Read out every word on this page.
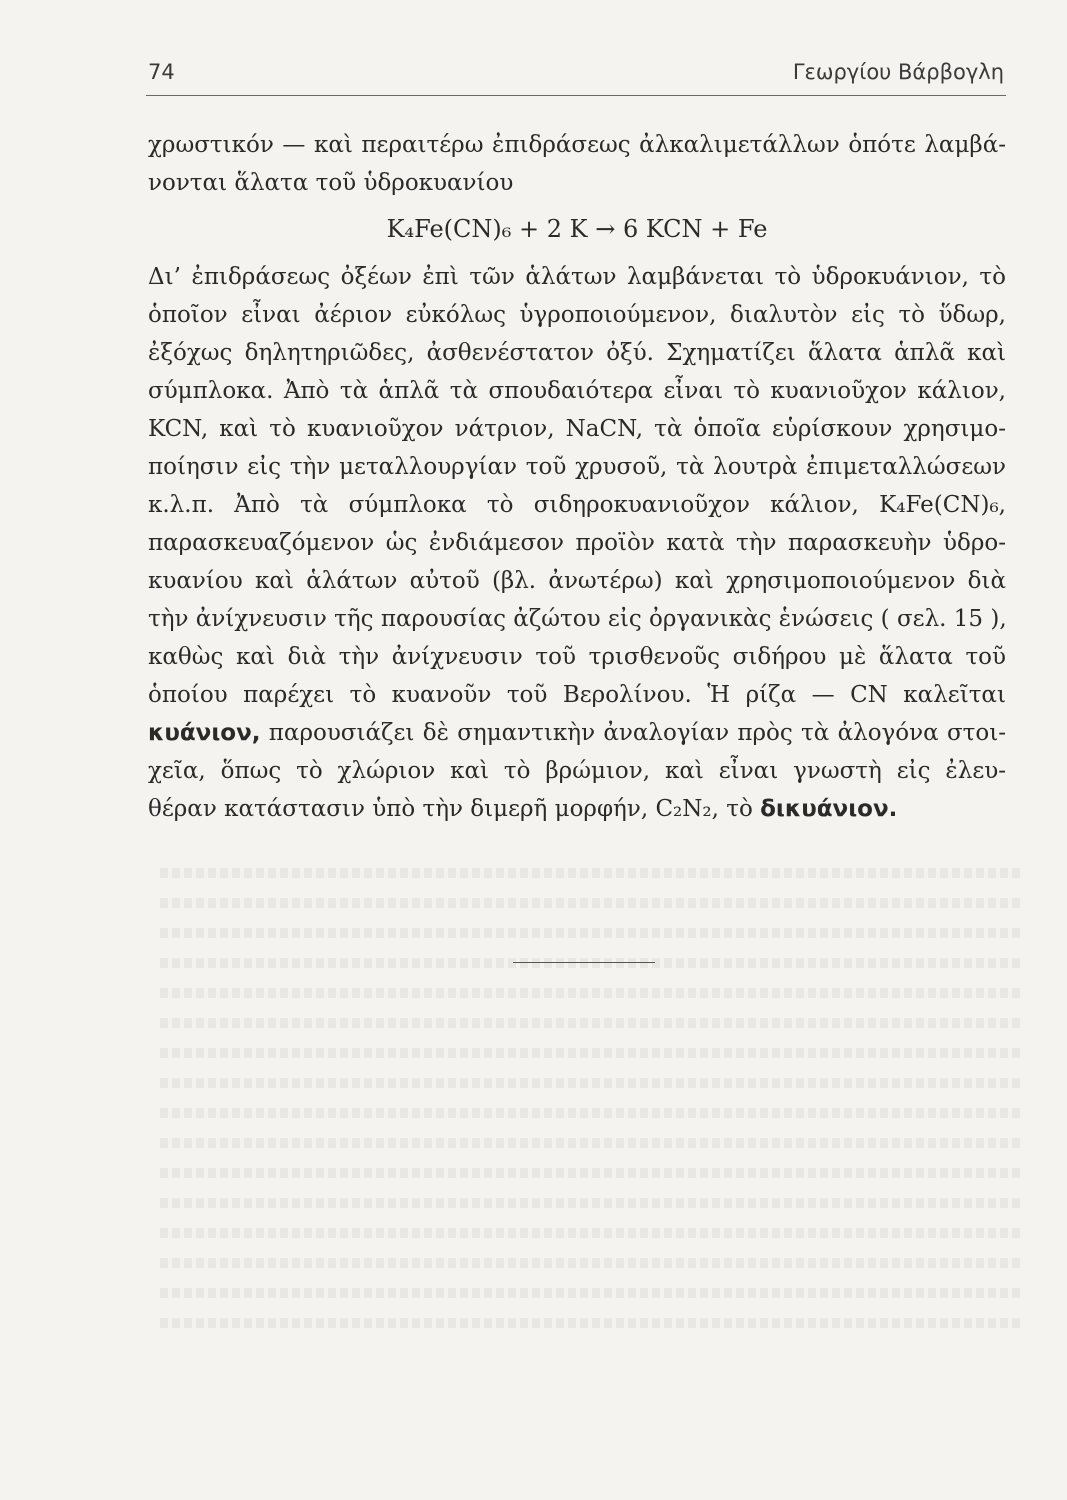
74	Γεωργίου Βάρβογλη
χρωστικόν — καὶ περαιτέρω ἐπιδράσεως ἀλκαλιμετάλλων ὁπότε λαμβά-
νονται ἅλατα τοῦ ὑδροκυανίου
K₄Fe(CN)₆ + 2 K → 6 KCN + Fe
Δι’ ἐπιδράσεως ὀξέων ἐπὶ τῶν ἁλάτων λαμβάνεται τὸ ὑδροκυάνιον, τὸ
ὁποῖον εἶναι ἀέριον εὐκόλως ὑγροποιούμενον, διαλυτὸν εἰς τὸ ὕδωρ,
ἐξόχως δηλητηριῶδες, ἀσθενέστατον ὀξύ. Σχηματίζει ἅλατα ἁπλᾶ καὶ
σύμπλοκα. Ἀπὸ τὰ ἁπλᾶ τὰ σπουδαιότερα εἶναι τὸ κυανιοῦχον κάλιον,
KCN, καὶ τὸ κυανιοῦχον νάτριον, NaCN, τὰ ὁποῖα εὑρίσκουν χρησιμο-
ποίησιν εἰς τὴν μεταλλουργίαν τοῦ χρυσοῦ, τὰ λουτρὰ ἐπιμεταλλώσεων
κ.λ.π. Ἀπὸ τὰ σύμπλοκα τὸ σιδηροκυανιοῦχον κάλιον, K₄Fe(CN)₆,
παρασκευαζόμενον ὡς ἐνδιάμεσον προϊὸν κατὰ τὴν παρασκευὴν ὑδρο-
κυανίου καὶ ἁλάτων αὐτοῦ (βλ. ἀνωτέρω) καὶ χρησιμοποιούμενον διὰ
τὴν ἀνίχνευσιν τῆς παρουσίας ἀζώτου εἰς ὀργανικὰς ἑνώσεις ( σελ. 15 ),
καθὼς καὶ διὰ τὴν ἀνίχνευσιν τοῦ τρισθενοῦς σιδήρου μὲ ἅλατα τοῦ
ὁποίου παρέχει τὸ κυανοῦν τοῦ Βερολίνου. Ἡ ρίζα — CN καλεῖται
κυάνιον, παρουσιάζει δὲ σημαντικὴν ἀναλογίαν πρὸς τὰ ἀλογόνα στοι-
χεῖα, ὅπως τὸ χλώριον καὶ τὸ βρώμιον, καὶ εἶναι γνωστὴ εἰς ἐλευ-
θέραν κατάστασιν ὑπὸ τὴν διμερῆ μορφήν, C₂N₂, τὸ δικυάνιον.
